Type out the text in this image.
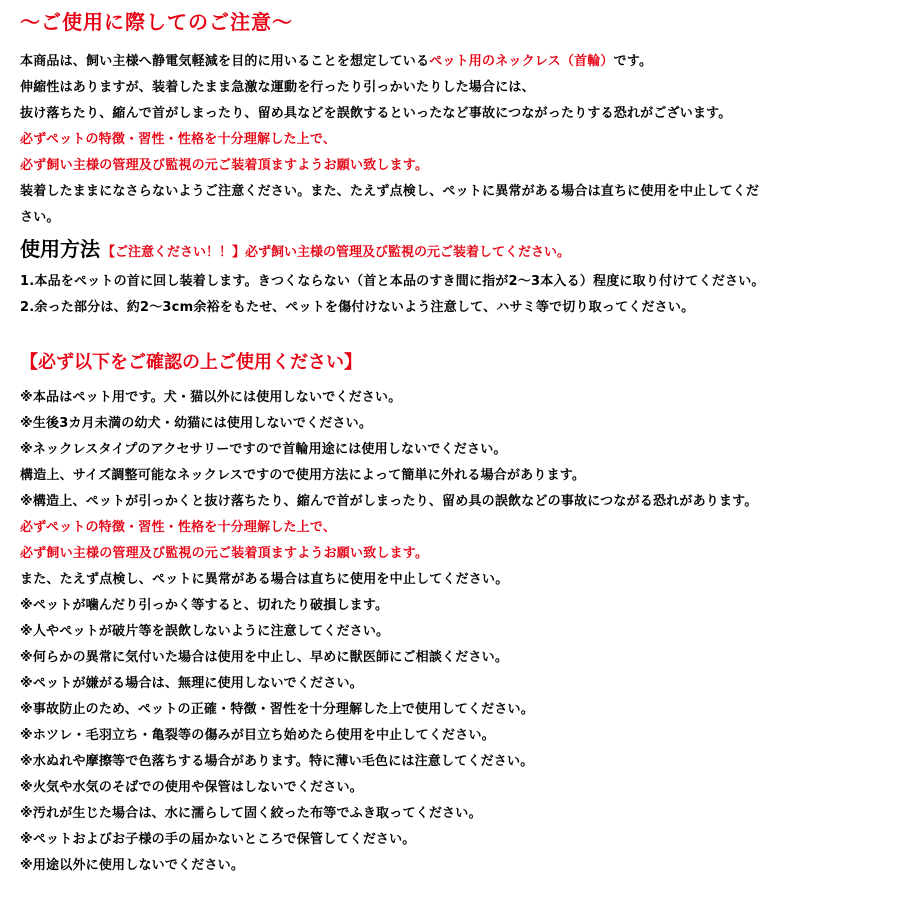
～ご使用に際してのご注意～
本商品は、飼い主様へ静電気軽減を目的に用いることを想定しているペット用のネックレス（首輪）です。
伸縮性はありますが、装着したまま急激な運動を行ったり引っかいたりした場合には、
抜け落ちたり、縮んで首がしまったり、留め具などを誤飲するといったなど事故につながったりする恐れがございます。
必ずペットの特徴・習性・性格を十分理解した上で、
必ず飼い主様の管理及び監視の元ご装着頂ますようお願い致します。
装着したままになさらないようご注意ください。また、たえず点検し、ペットに異常がある場合は直ちに使用を中止してくだ
さい。
使用方法 【ご注意ください！！】必ず飼い主様の管理及び監視の元ご装着してください。
1.本品をペットの首に回し装着します。きつくならない（首と本品のすき間に指が2～3本入る）程度に取り付けてください。
2.余った部分は、約2～3cm余裕をもたせ、ペットを傷付けないよう注意して、ハサミ等で切り取ってください。
【必ず以下をご確認の上ご使用ください】
※本品はペット用です。犬・猫以外には使用しないでください。
※生後3カ月未満の幼犬・幼猫には使用しないでください。
※ネックレスタイプのアクセサリーですので首輪用途には使用しないでください。
構造上、サイズ調整可能なネックレスですので使用方法によって簡単に外れる場合があります。
※構造上、ペットが引っかくと抜け落ちたり、縮んで首がしまったり、留め具の誤飲などの事故につながる恐れがあります。
必ずペットの特徴・習性・性格を十分理解した上で、
必ず飼い主様の管理及び監視の元ご装着頂ますようお願い致します。
また、たえず点検し、ペットに異常がある場合は直ちに使用を中止してください。
※ペットが噛んだり引っかく等すると、切れたり破損します。
※人やペットが破片等を誤飲しないように注意してください。
※何らかの異常に気付いた場合は使用を中止し、早めに獣医師にご相談ください。
※ペットが嫌がる場合は、無理に使用しないでください。
※事故防止のため、ペットの正確・特徴・習性を十分理解した上で使用してください。
※ホツレ・毛羽立ち・亀裂等の傷みが目立ち始めたら使用を中止してください。
※水ぬれや摩擦等で色落ちする場合があります。特に薄い毛色には注意してください。
※火気や水気のそばでの使用や保管はしないでください。
※汚れが生じた場合は、水に濡らして固く絞った布等でふき取ってください。
※ペットおよびお子様の手の届かないところで保管してください。
※用途以外に使用しないでください。
